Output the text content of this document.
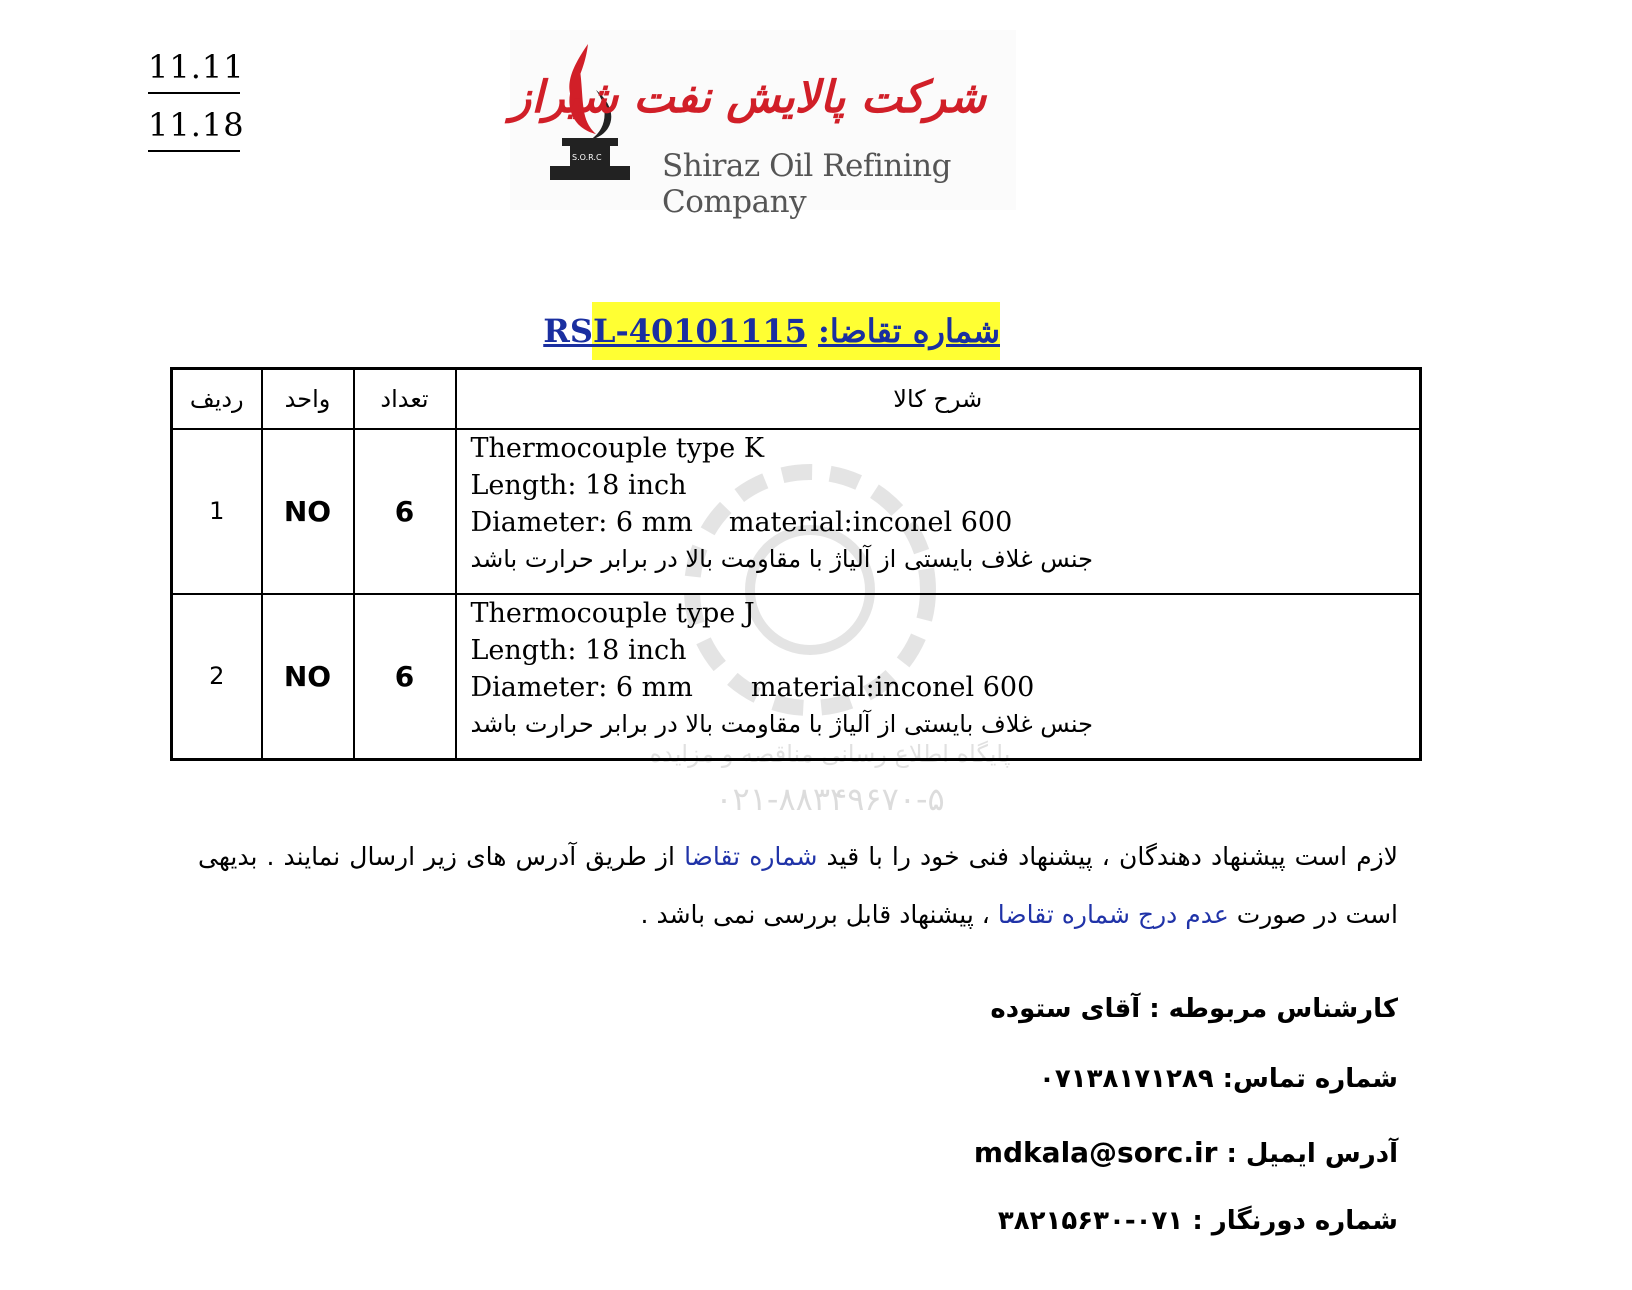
11.11
11.18
S.O.R.C
شرکت پالایش نفت شیراز
Shiraz Oil Refining Company
شماره تقاضا: RSL-40101115
پایگاه اطلاع رسانی مناقصه و مزایده
۰۲۱-۸۸۳۴۹۶۷۰-۵
ردیف	واحد	تعداد	شرح کالا
1	NO	6	Thermocouple type K
Length: 18 inch
Diameter: 6 mm material:inconel 600
جنس غلاف بایستی از آلیاژ با مقاومت بالا در برابر حرارت باشد

2	NO	6	Thermocouple type J
Length: 18 inch
Diameter: 6 mm material:inconel 600
جنس غلاف بایستی از آلیاژ با مقاومت بالا در برابر حرارت باشد
لازم است پیشنهاد دهندگان ، پیشنهاد فنی خود را با قید شماره تقاضا از طریق آدرس های زیر ارسال نمایند . بدیهی است در صورت عدم درج شماره تقاضا ، پیشنهاد قابل بررسی نمی باشد .
کارشناس مربوطه : آقای ستوده
شماره تماس: ۰۷۱۳۸۱۷۱۲۸۹
آدرس ایمیل : mdkala@sorc.ir
شماره دورنگار : ۰۷۱-۳۸۲۱۵۶۳۰
